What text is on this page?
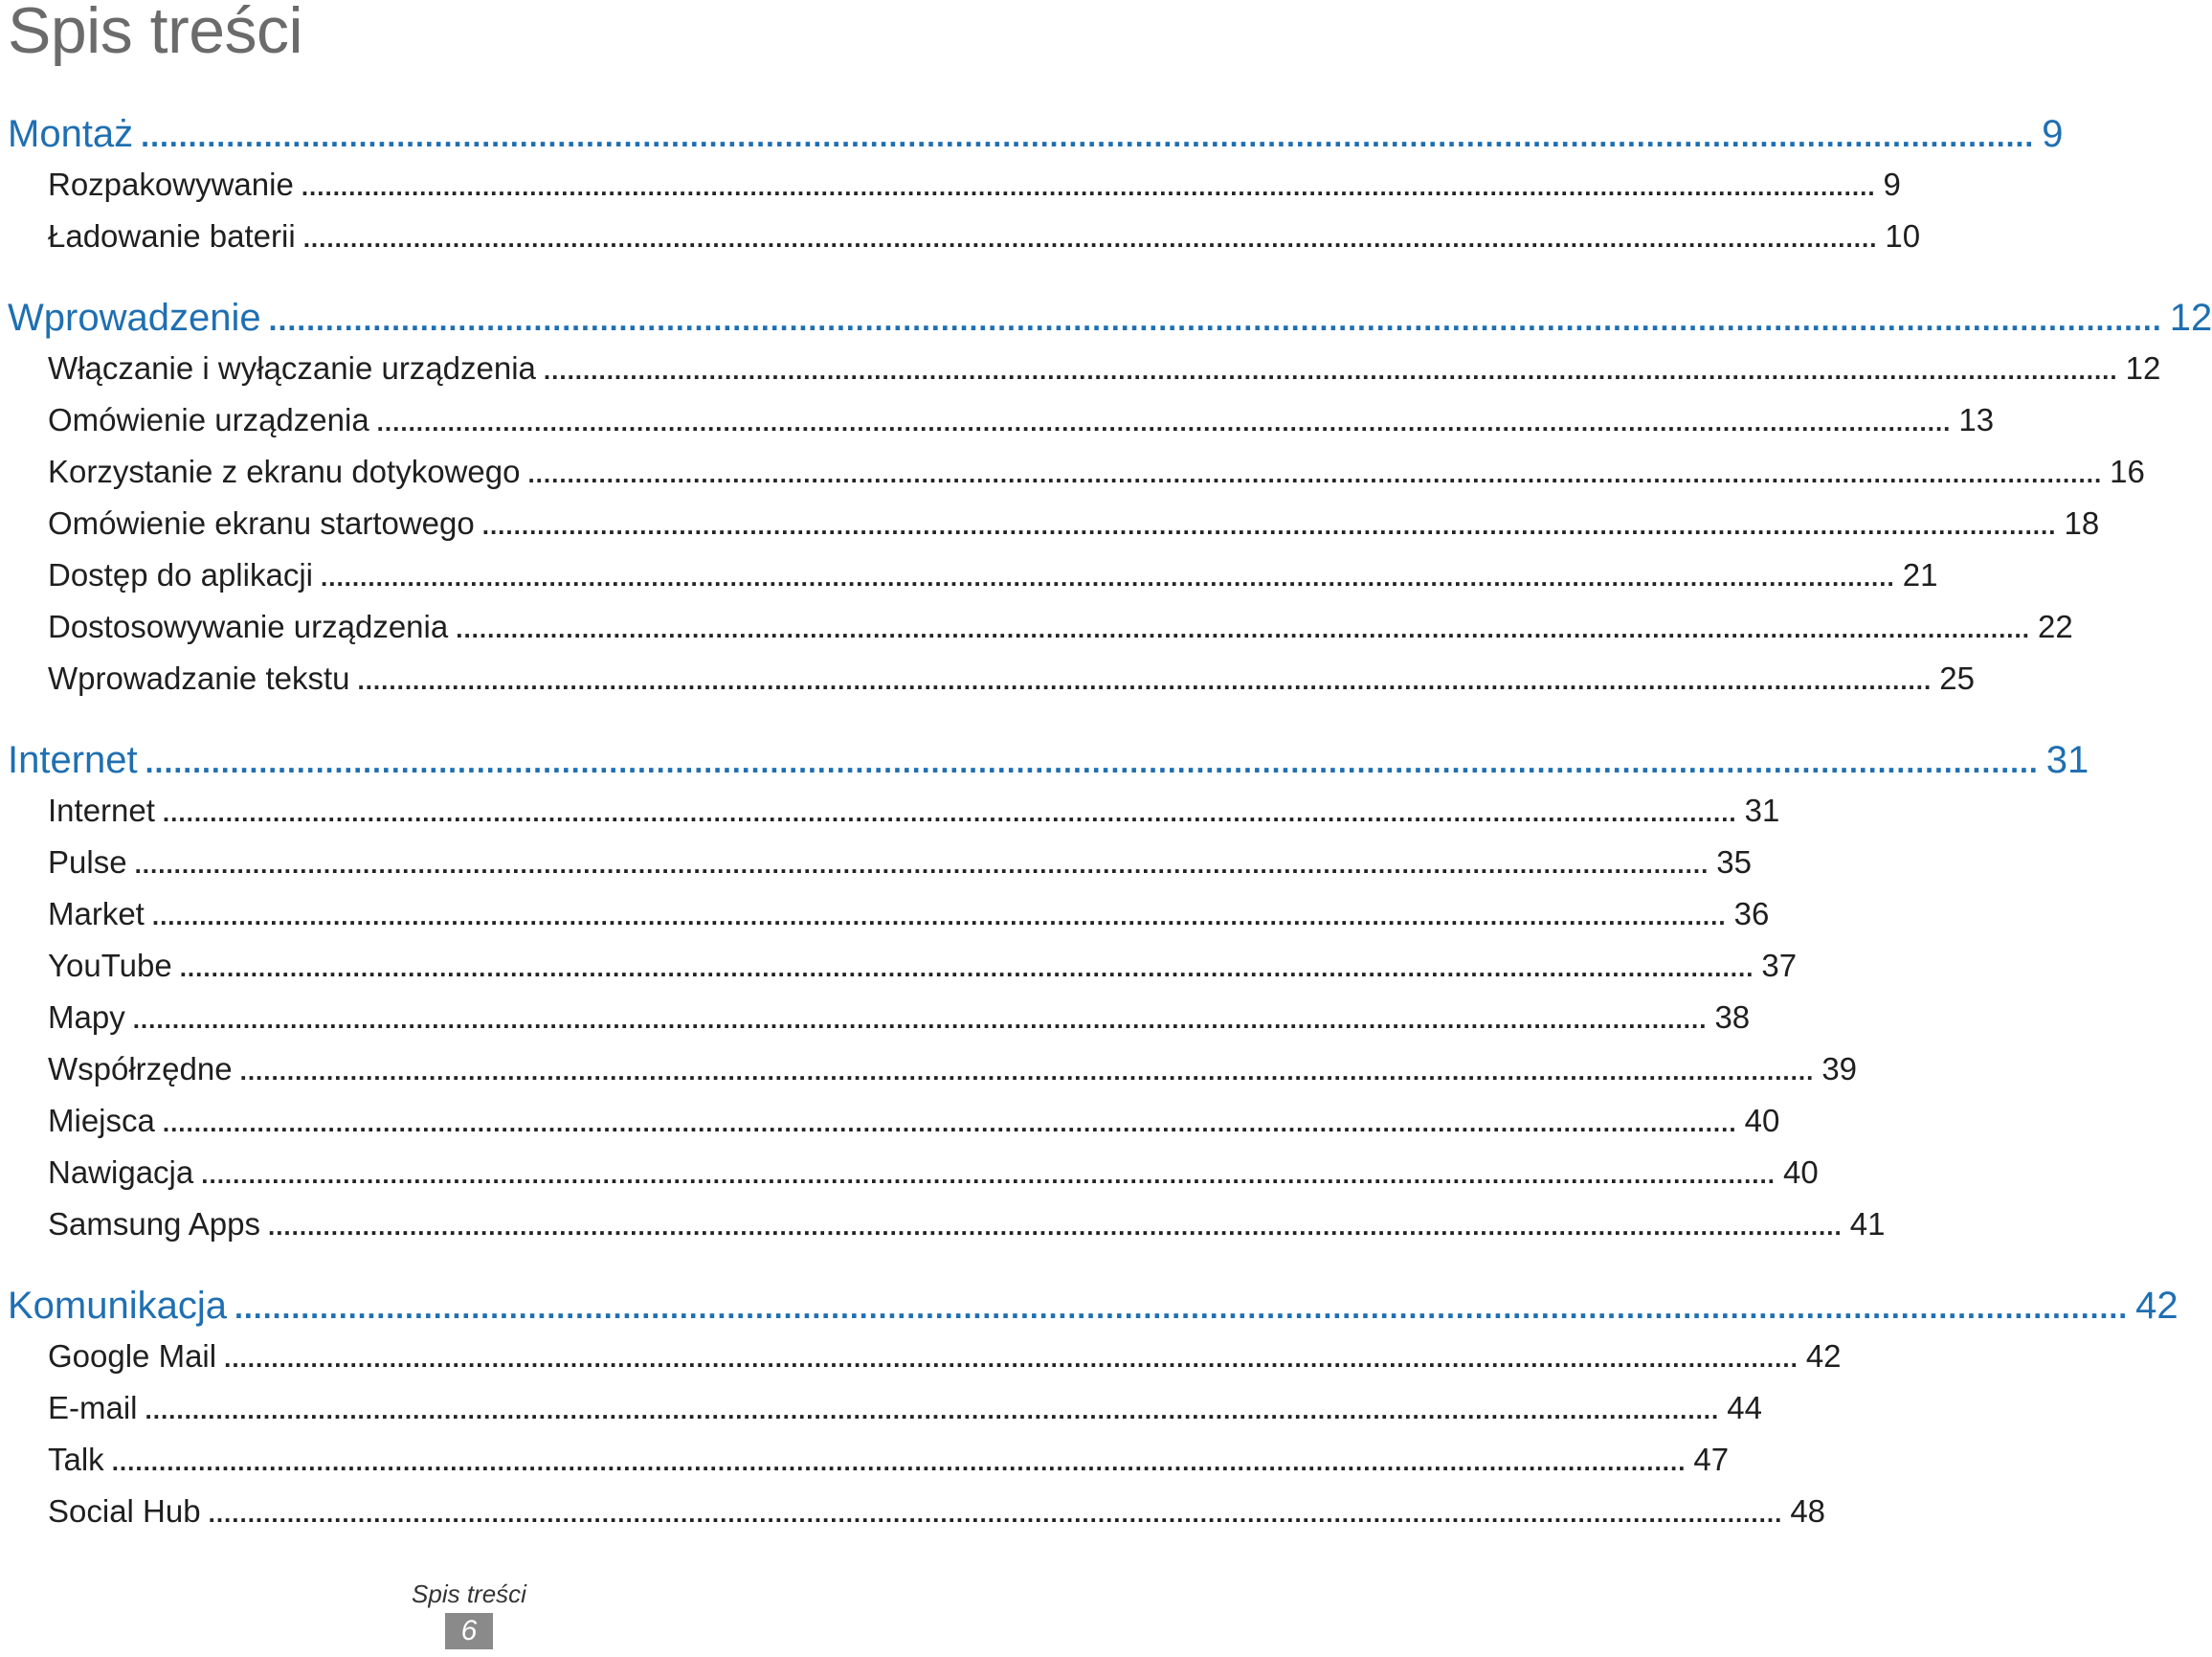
Spis treści
Montaż ........................................................................................................................................................................................................ 9
Rozpakowywanie ........................................................................................................................................................................................................ 9
Ładowanie baterii ........................................................................................................................................................................................................ 10
Wprowadzenie ........................................................................................................................................................................................................ 12
Włączanie i wyłączanie urządzenia ........................................................................................................................................................................................................ 12
Omówienie urządzenia ........................................................................................................................................................................................................ 13
Korzystanie z ekranu dotykowego ........................................................................................................................................................................................................ 16
Omówienie ekranu startowego ........................................................................................................................................................................................................ 18
Dostęp do aplikacji ........................................................................................................................................................................................................ 21
Dostosowywanie urządzenia ........................................................................................................................................................................................................ 22
Wprowadzanie tekstu ........................................................................................................................................................................................................ 25
Internet ........................................................................................................................................................................................................ 31
Internet ........................................................................................................................................................................................................ 31
Pulse ........................................................................................................................................................................................................ 35
Market ........................................................................................................................................................................................................ 36
YouTube ........................................................................................................................................................................................................ 37
Mapy ........................................................................................................................................................................................................ 38
Współrzędne ........................................................................................................................................................................................................ 39
Miejsca ........................................................................................................................................................................................................ 40
Nawigacja ........................................................................................................................................................................................................ 40
Samsung Apps ........................................................................................................................................................................................................ 41
Komunikacja ........................................................................................................................................................................................................ 42
Google Mail ........................................................................................................................................................................................................ 42
E-mail ........................................................................................................................................................................................................ 44
Talk ........................................................................................................................................................................................................ 47
Social Hub ........................................................................................................................................................................................................ 48
Spis treści
6
